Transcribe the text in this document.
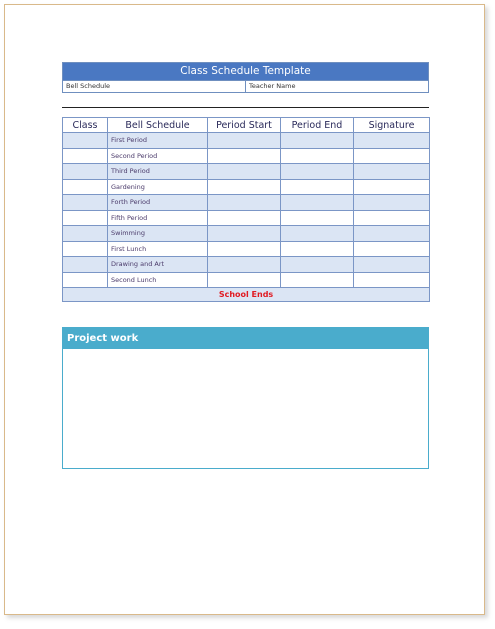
Class Schedule Template
Bell Schedule	Teacher Name
Class	Bell Schedule	Period Start	Period End	Signature
	First Period			
	Second Period			
	Third Period			
	Gardening			
	Forth Period			
	Fifth Period			
	Swimming			
	First Lunch			
	Drawing and Art			
	Second Lunch			
School Ends				
Project work
